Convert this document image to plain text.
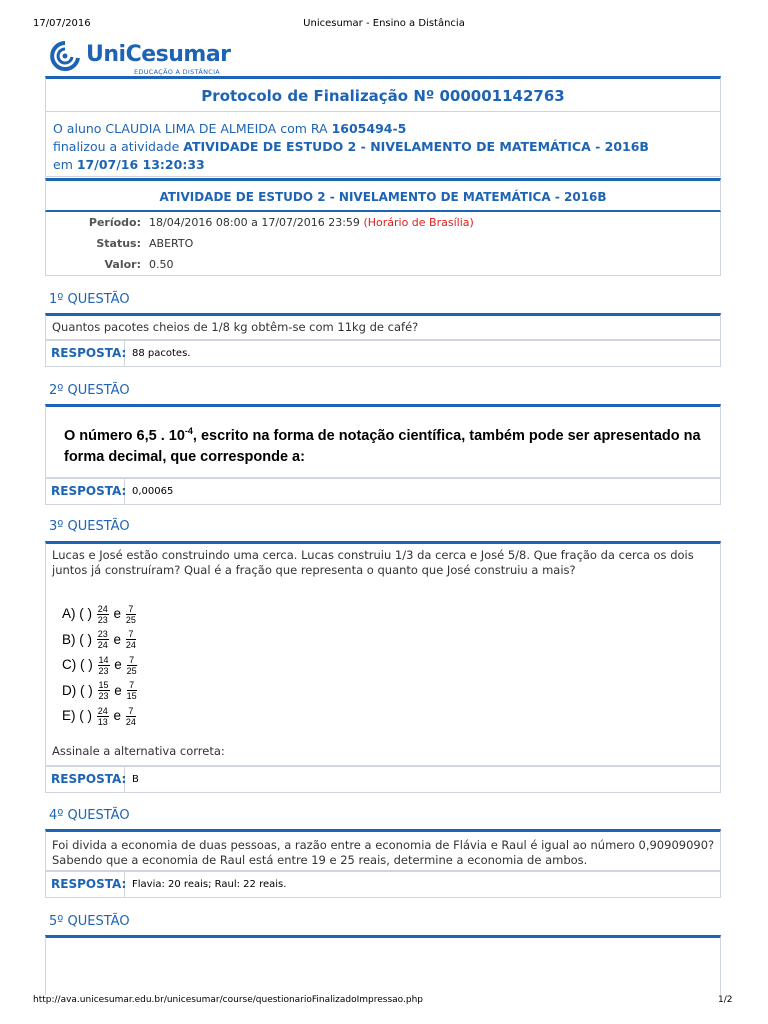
17/07/2016	Unicesumar - Ensino a Distância
UniCesumar
EDUCAÇÃO A DISTÂNCIA
Protocolo de Finalização Nº 000001142763
O aluno CLAUDIA LIMA DE ALMEIDA com RA 1605494-5
finalizou a atividade ATIVIDADE DE ESTUDO 2 - NIVELAMENTO DE MATEMÁTICA - 2016B
em 17/07/16 13:20:33
ATIVIDADE DE ESTUDO 2 - NIVELAMENTO DE MATEMÁTICA - 2016B
Período: 18/04/2016 08:00 a 17/07/2016 23:59 (Horário de Brasília)
Status: ABERTO
Valor: 0.50
1º QUESTÃO
Quantos pacotes cheios de 1/8 kg obtêm-se com 11kg de café?
RESPOSTA: 88 pacotes.
2º QUESTÃO
O número 6,5 . $10^{-4}$, escrito na forma de notação científica, também pode ser apresentado na forma decimal, que corresponde a:
RESPOSTA: 0,00065
3º QUESTÃO
Lucas e José estão construindo uma cerca. Lucas construiu 1/3 da cerca e José 5/8. Que fração da cerca os dois juntos já construíram? Qual é a fração que representa o quanto que José construiu a mais?
A) ( ) $\frac{24}{23}$ e $\frac{7}{25}$
B) ( ) $\frac{23}{24}$ e $\frac{7}{24}$
C) ( ) $\frac{14}{23}$ e $\frac{7}{25}$
D) ( ) $\frac{15}{23}$ e $\frac{7}{15}$
E) ( ) $\frac{24}{13}$ e $\frac{7}{24}$
Assinale a alternativa correta:
RESPOSTA: B
4º QUESTÃO
Foi divida a economia de duas pessoas, a razão entre a economia de Flávia e Raul é igual ao número 0,90909090? Sabendo que a economia de Raul está entre 19 e 25 reais, determine a economia de ambos.
RESPOSTA: Flavia: 20 reais; Raul: 22 reais.
5º QUESTÃO
http://ava.unicesumar.edu.br/unicesumar/course/questionarioFinalizadoImpressao.php	1/2
